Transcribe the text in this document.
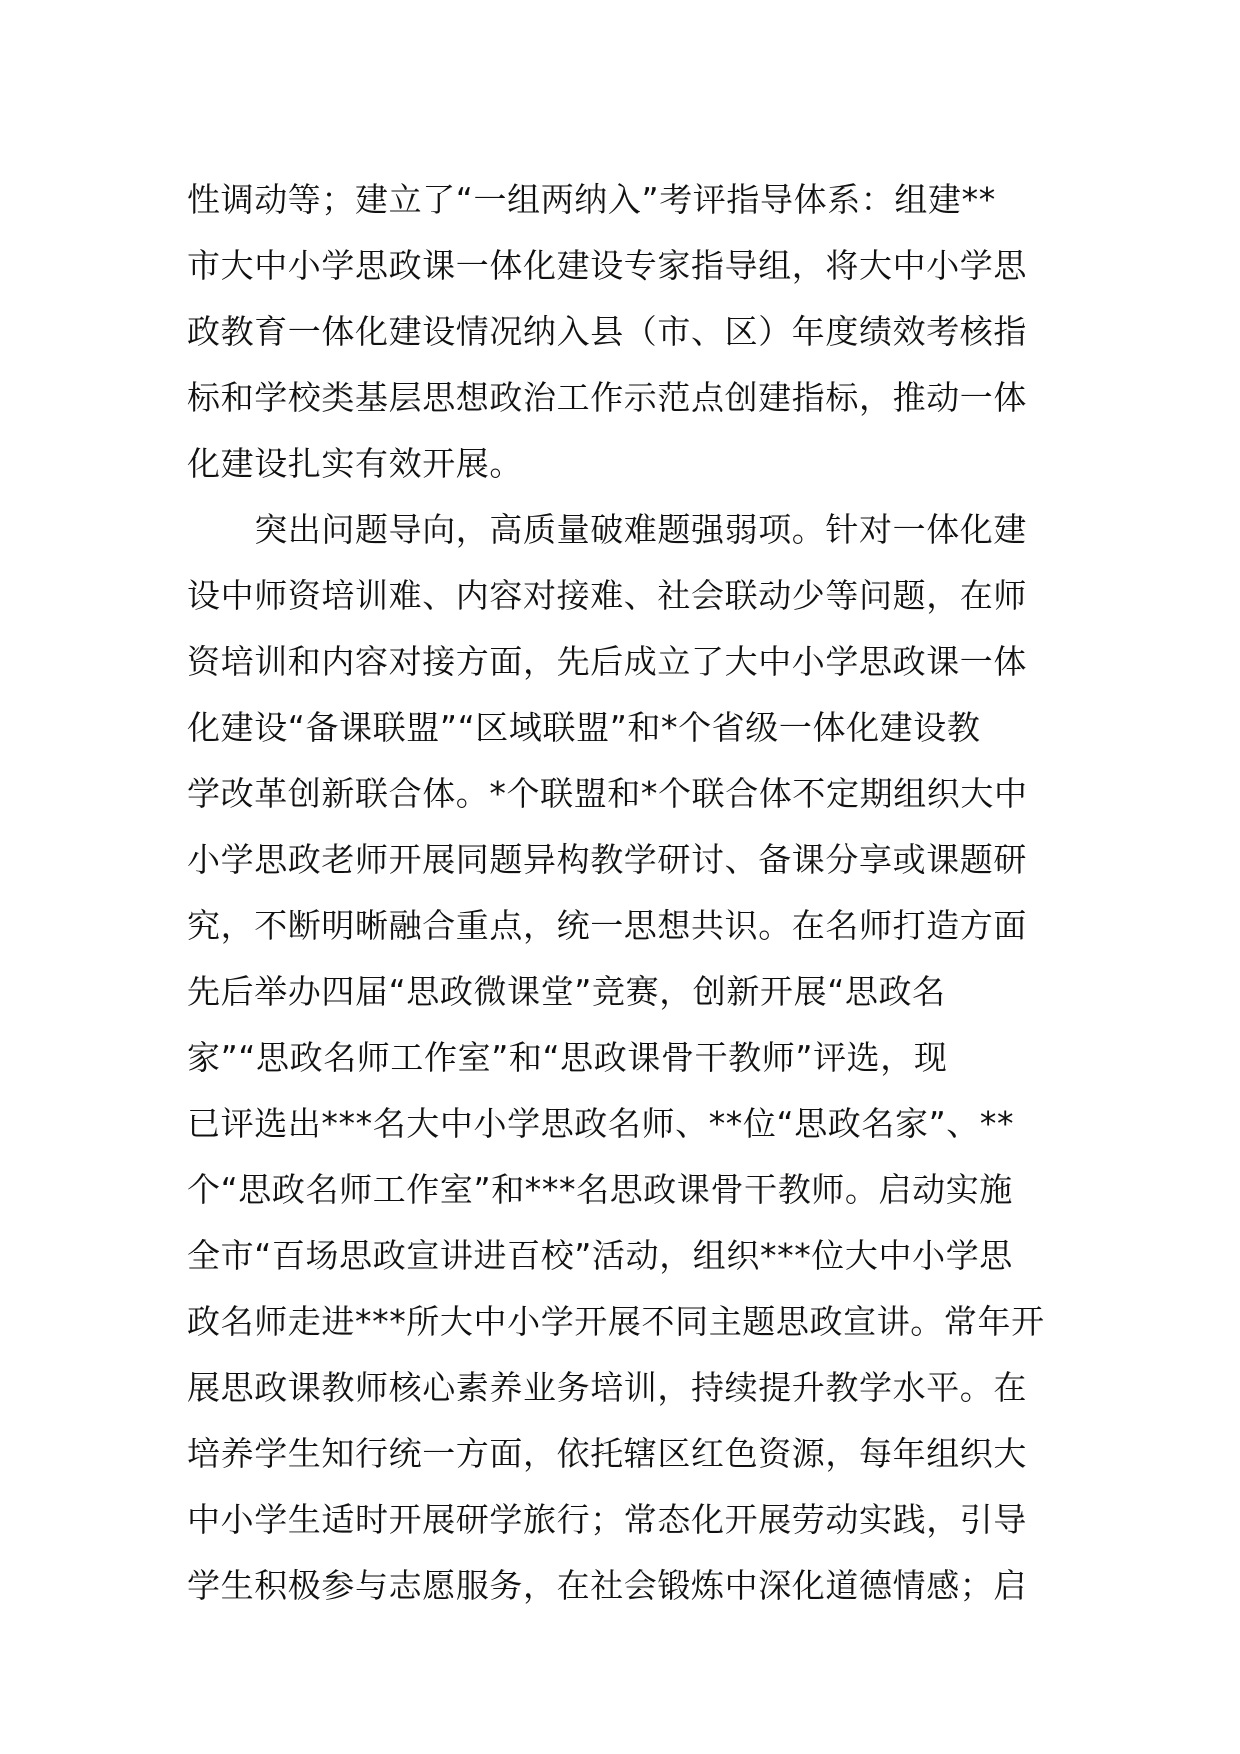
性调动等；建立了“一组两纳入”考评指导体系：组建**
市大中小学思政课一体化建设专家指导组，将大中小学思
政教育一体化建设情况纳入县（市、区）年度绩效考核指
标和学校类基层思想政治工作示范点创建指标，推动一体
化建设扎实有效开展。
　　突出问题导向，高质量破难题强弱项。针对一体化建
设中师资培训难、内容对接难、社会联动少等问题，在师
资培训和内容对接方面，先后成立了大中小学思政课一体
化建设“备课联盟”“区域联盟”和*个省级一体化建设教
学改革创新联合体。*个联盟和*个联合体不定期组织大中
小学思政老师开展同题异构教学研讨、备课分享或课题研
究，不断明晰融合重点，统一思想共识。在名师打造方面
先后举办四届“思政微课堂”竞赛，创新开展“思政名
家”“思政名师工作室”和“思政课骨干教师”评选，现
已评选出***名大中小学思政名师、**位“思政名家”、**
个“思政名师工作室”和***名思政课骨干教师。启动实施
全市“百场思政宣讲进百校”活动，组织***位大中小学思
政名师走进***所大中小学开展不同主题思政宣讲。常年开
展思政课教师核心素养业务培训，持续提升教学水平。在
培养学生知行统一方面，依托辖区红色资源，每年组织大
中小学生适时开展研学旅行；常态化开展劳动实践，引导
学生积极参与志愿服务，在社会锻炼中深化道德情感；启
